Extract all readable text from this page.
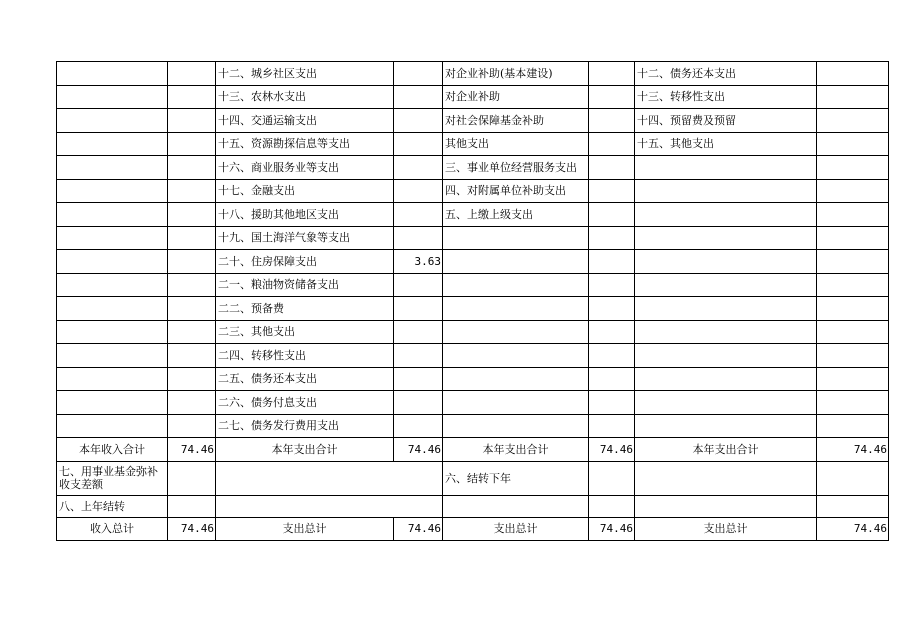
		十二、城乡社区支出		对企业补助(基本建设)		十二、债务还本支出	
		十三、农林水支出		对企业补助		十三、转移性支出	
		十四、交通运输支出		对社会保障基金补助		十四、预留费及预留	
		十五、资源勘探信息等支出		其他支出		十五、其他支出	
		十六、商业服务业等支出		三、事业单位经营服务支出			
		十七、金融支出		四、对附属单位补助支出			
		十八、援助其他地区支出		五、上缴上级支出			
		十九、国土海洋气象等支出					
		二十、住房保障支出	3.63				
		二一、粮油物资储备支出					
		二二、预备费					
		二三、其他支出					
		二四、转移性支出					
		二五、债务还本支出					
		二六、债务付息支出					
		二七、债务发行费用支出					
本年收入合计	74.46	本年支出合计	74.46	本年支出合计	74.46	本年支出合计	74.46
七、用事业基金弥补收支差额				六、结转下年			
八、上年结转							
收入总计	74.46	支出总计	74.46	支出总计	74.46	支出总计	74.46
